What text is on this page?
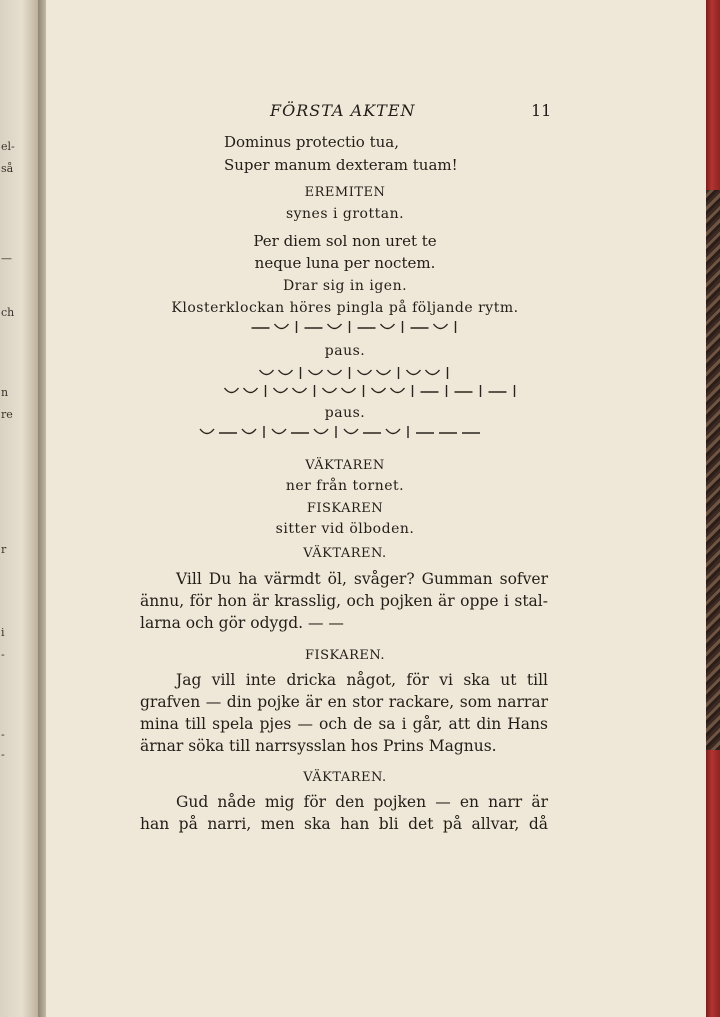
el-
så
—
ch
n
re
r
i
-
-
-
FÖRSTA AKTEN	11
Dominus protectio tua,
Super manum dexteram tuam!
EREMITEN
synes i grottan.
Per diem sol non uret te
neque luna per noctem.
Drar sig in igen.
Klosterklockan höres pingla på följande rytm.
paus.
paus.
VÄKTAREN
ner från tornet.
FISKAREN
sitter vid ölboden.
VÄKTAREN.
Vill Du ha värmdt öl, svåger? Gumman sofver
ännu, för hon är krasslig, och pojken är oppe i stal-
larna och gör odygd. — —
FISKAREN.
Jag vill inte dricka något, för vi ska ut till
grafven — din pojke är en stor rackare, som narrar
mina till spela pjes — och de sa i går, att din Hans
ärnar söka till narrsysslan hos Prins Magnus.
VÄKTAREN.
Gud nåde mig för den pojken — en narr är
han på narri, men ska han bli det på allvar, då
